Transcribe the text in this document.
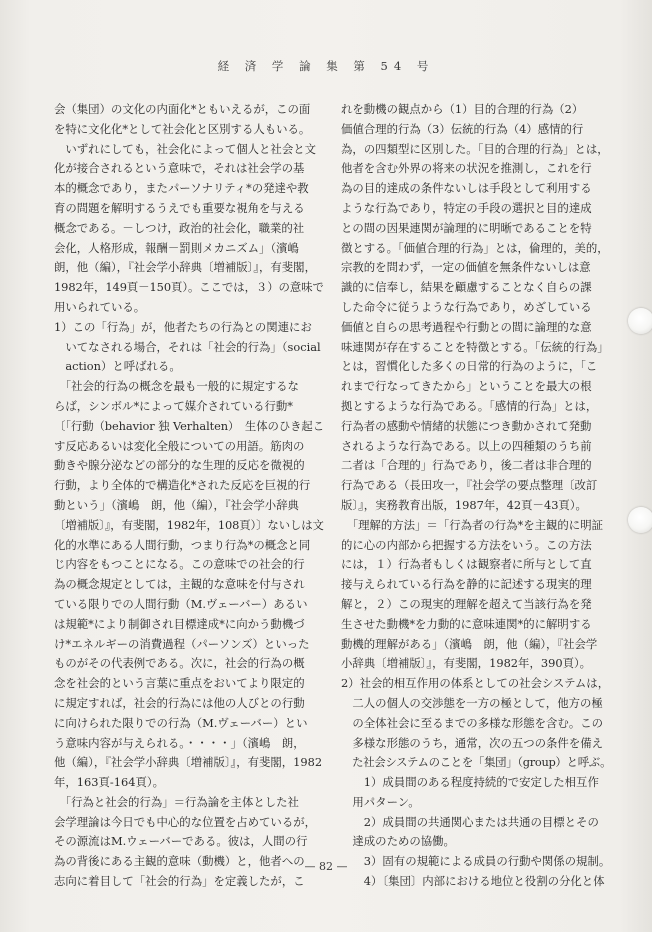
経 済 学 論 集 第 54 号

会（集団）の文化の内面化*ともいえるが，この面

を特に文化化*として社会化と区別する人もいる。

　いずれにしても，社会化によって個人と社会と文

化が接合されるという意味で，それは社会学の基

本的概念であり，またパーソナリティ*の発達や教

育の問題を解明するうえでも重要な視角を与える

概念である。－しつけ，政治的社会化，職業的社

会化，人格形成，報酬－罰則メカニズム」（濱嶋

朗，他（編），『社会学小辞典〔増補版〕』，有斐閣，

1982年，149頁－150頁）。ここでは，３）の意味で

用いられている。

1）この「行為」が，他者たちの行為との関連にお

　いてなされる場合，それは「社会的行為」（social

　action）と呼ばれる。

　「社会的行為の概念を最も一般的に規定するな

らば，シンボル*によって媒介されている行動*

〔「行動（behavior 独 Verhalten）　生体のひき起こ

す反応あるいは変化全般についての用語。筋肉の

動きや腺分泌などの部分的な生理的反応を微視的

行動，より全体的で構造化*された反応を巨視的行

動という」（濱嶋　朗，他（編），『社会学小辞典

〔増補版〕』，有斐閣，1982年，108頁）〕ないしは文

化的水準にある人間行動，つまり行為*の概念と同

じ内容をもつことになる。この意味での社会的行

為の概念規定としては，主観的な意味を付与され

ている限りでの人間行動（M.ヴェーバー）あるい

は規範*により制御され目標達成*に向かう動機づ

け*エネルギーの消費過程（パーソンズ）といった

ものがその代表例である。次に，社会的行為の概

念を社会的という言葉に重点をおいてより限定的

に規定すれば，社会的行為には他の人びとの行動

に向けられた限りでの行為（M.ヴェーバー）とい

う意味内容が与えられる。・・・・」（濱嶋　朗，

他（編），『社会学小辞典〔増補版〕』，有斐閣，1982

年，163頁-164頁）。

　「行為と社会的行為」＝行為論を主体とした社

会学理論は今日でも中心的な位置を占めているが，

その源流はM.ウェーバーである。彼は，人間の行

為の背後にある主観的意味（動機）と，他者への

志向に着目して「社会的行為」を定義したが，こ

れを動機の観点から（1）目的合理的行為（2）

価値合理的行為（3）伝統的行為（4）感情的行

為，の四類型に区別した。「目的合理的行為」とは，

他者を含む外界の将来の状況を推測し，これを行

為の目的達成の条件ないしは手段として利用する

ような行為であり，特定の手段の選択と目的達成

との間の因果連関が論理的に明晰であることを特

徴とする。「価値合理的行為」とは，倫理的，美的，

宗教的を問わず，一定の価値を無条件ないしは意

識的に信奉し，結果を顧慮することなく自らの課

した命令に従うような行為であり，めざしている

価値と自らの思考過程や行動との間に論理的な意

味連関が存在することを特徴とする。「伝統的行為」

とは，習慣化した多くの日常的行為のように，「こ

れまで行なってきたから」ということを最大の根

拠とするような行為である。「感情的行為」とは，

行為者の感動や情緒的状態につき動かされて発動

されるような行為である。以上の四種類のうち前

二者は「合理的」行為であり，後二者は非合理的

行為である（長田攻一，『社会学の要点整理〔改訂

版〕』，実務教育出版，1987年，42頁－43頁）。

　「理解的方法」＝「行為者の行為*を主観的に明証

的に心の内部から把握する方法をいう。この方法

には，１）行為者もしくは観察者に所与として直

接与えられている行為を静的に記述する現実的理

解と，２）この現実的理解を超えて当該行為を発

生させた動機*を力動的に意味連関*的に解明する

動機的理解がある」（濱嶋　朗，他（編），『社会学

小辞典〔増補版〕』，有斐閣，1982年，390頁）。

2）社会的相互作用の体系としての社会システムは，

　二人の個人の交渉態を一方の極として，他方の極

　の全体社会に至るまでの多様な形態を含む。この

　多様な形態のうち，通常，次の五つの条件を備え

　た社会システムのことを「集団」（group）と呼ぶ。

　　1）成員間のある程度持続的で安定した相互作

　用パターン。

　　2）成員間の共通関心または共通の目標とその

　達成のための協働。

　　3）固有の規範による成員の行動や関係の規制。

　　4）〔集団〕内部における地位と役割の分化と体

— 82 —
